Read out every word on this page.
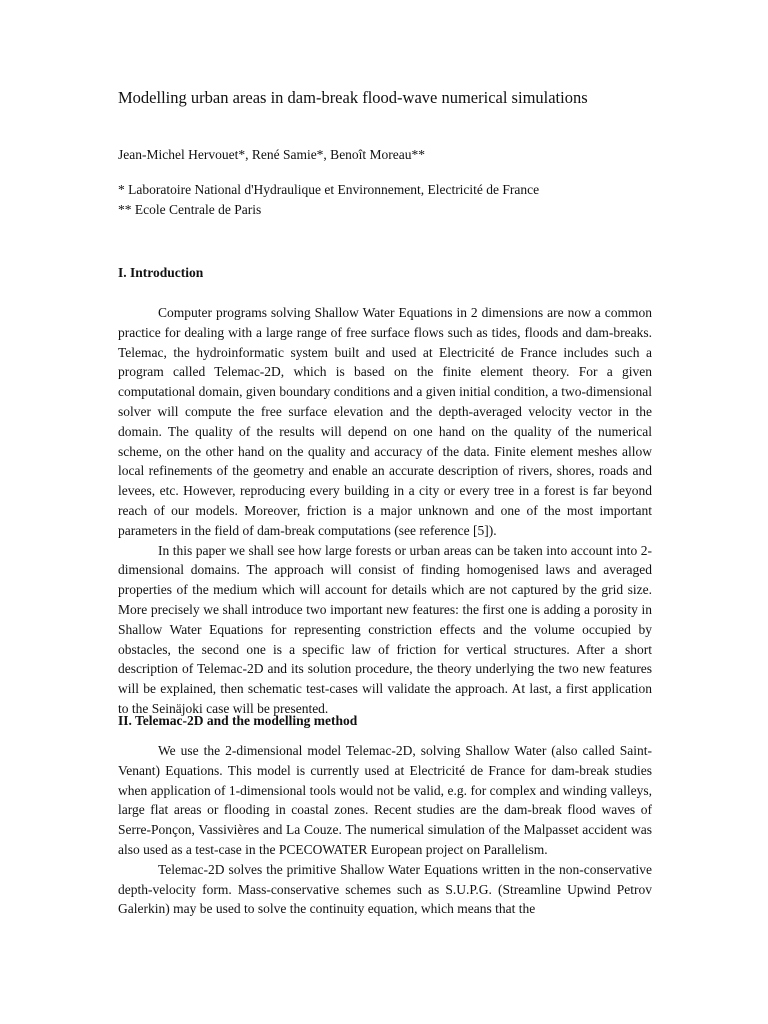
Modelling urban areas in dam-break flood-wave numerical simulations

Jean-Michel Hervouet*, René Samie*, Benoît Moreau**

* Laboratoire National d'Hydraulique et Environnement, Electricité de France
** Ecole Centrale de Paris
I. Introduction

Computer programs solving Shallow Water Equations in 2 dimensions are now a common practice for dealing with a large range of free surface flows such as tides, floods and dam-breaks. Telemac, the hydroinformatic system built and used at Electricité de France includes such a program called Telemac-2D, which is based on the finite element theory. For a given computational domain, given boundary conditions and a given initial condition, a two-dimensional solver will compute the free surface elevation and the depth-averaged velocity vector in the domain. The quality of the results will depend on one hand on the quality of the numerical scheme, on the other hand on the quality and accuracy of the data. Finite element meshes allow local refinements of the geometry and enable an accurate description of rivers, shores, roads and levees, etc. However, reproducing every building in a city or every tree in a forest is far beyond reach of our models. Moreover, friction is a major unknown and one of the most important parameters in the field of dam-break computations (see reference [5]).

In this paper we shall see how large forests or urban areas can be taken into account into 2-dimensional domains. The approach will consist of finding homogenised laws and averaged properties of the medium which will account for details which are not captured by the grid size. More precisely we shall introduce two important new features: the first one is adding a porosity in Shallow Water Equations for representing constriction effects and the volume occupied by obstacles, the second one is a specific law of friction for vertical structures. After a short description of Telemac-2D and its solution procedure, the theory underlying the two new features will be explained, then schematic test-cases will validate the approach. At last, a first application to the Seinäjoki case will be presented.

II. Telemac-2D and the modelling method

We use the 2-dimensional model Telemac-2D, solving Shallow Water (also called Saint-Venant) Equations. This model is currently used at Electricité de France for dam-break studies when application of 1-dimensional tools would not be valid, e.g. for complex and winding valleys, large flat areas or flooding in coastal zones. Recent studies are the dam-break flood waves of Serre-Ponçon, Vassivières and La Couze. The numerical simulation of the Malpasset accident was also used as a test-case in the PCECOWATER European project on Parallelism.

Telemac-2D solves the primitive Shallow Water Equations written in the non-conservative depth-velocity form. Mass-conservative schemes such as S.U.P.G. (Streamline Upwind Petrov Galerkin) may be used to solve the continuity equation, which means that the
